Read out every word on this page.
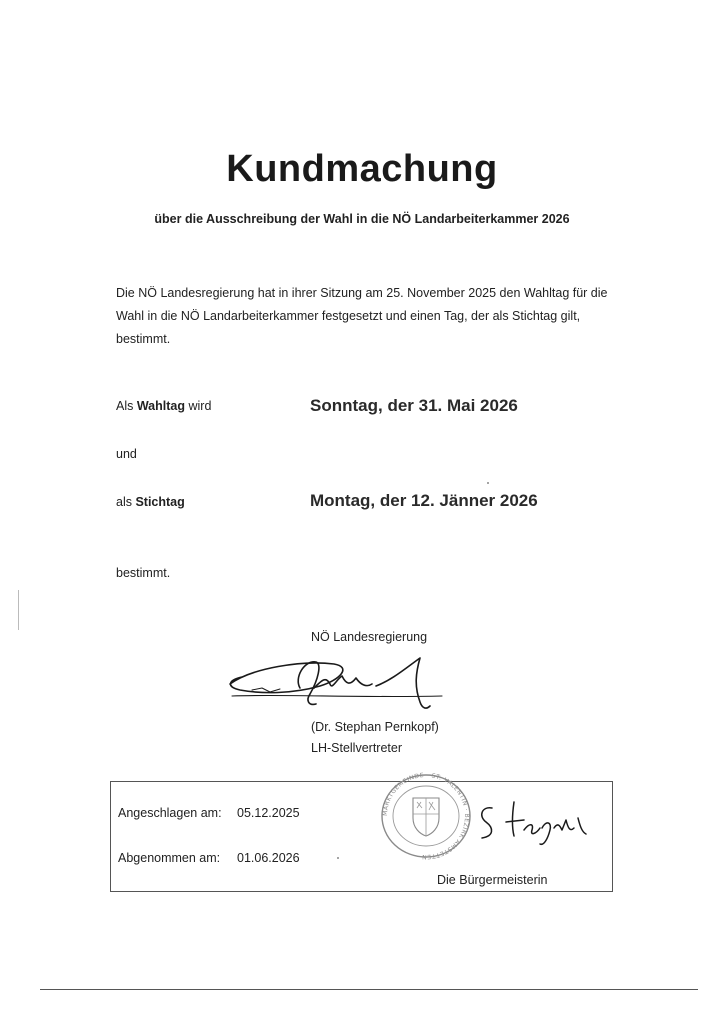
Kundmachung
über die Ausschreibung der Wahl in die NÖ Landarbeiterkammer 2026
Die NÖ Landesregierung hat in ihrer Sitzung am 25. November 2025 den Wahltag für die Wahl in die NÖ Landarbeiterkammer festgesetzt und einen Tag, der als Stichtag gilt, bestimmt.
Als Wahltag wird	Sonntag, der 31. Mai 2026
und
als Stichtag	Montag, der 12. Jänner 2026
bestimmt.
NÖ Landesregierung
(Dr. Stephan Pernkopf)
LH-Stellvertreter
Angeschlagen am: 05.12.2025
Abgenommen am: 01.06.2026
MARKTGEMEINDE · ST. VALENTIN · BEZIRK AMSTETTEN
Die Bürgermeisterin
